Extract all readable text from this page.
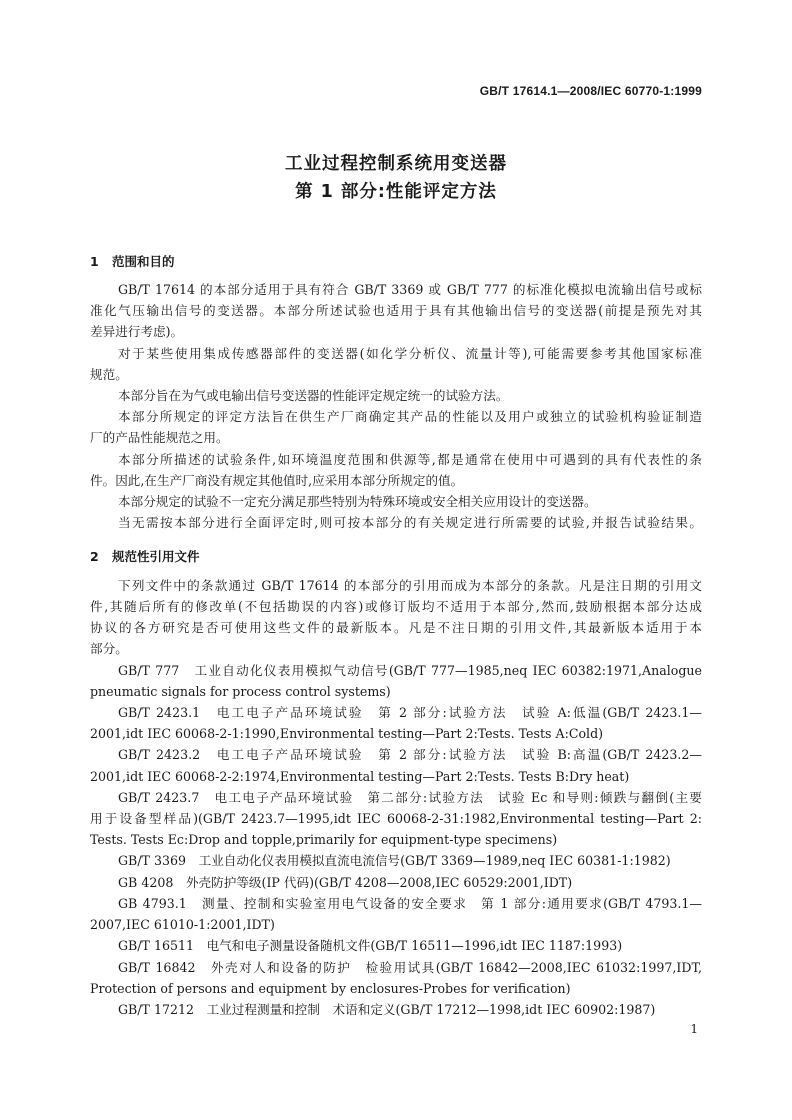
GB/T 17614.1—2008/IEC 60770-1:1999
工业过程控制系统用变送器
第 1 部分:性能评定方法
1 范围和目的
GB/T 17614 的本部分适用于具有符合 GB/T 3369 或 GB/T 777 的标准化模拟电流输出信号或标
准化气压输出信号的变送器。本部分所述试验也适用于具有其他输出信号的变送器(前提是预先对其
差异进行考虑)。
对于某些使用集成传感器部件的变送器(如化学分析仪、流量计等),可能需要参考其他国家标准
规范。
本部分旨在为气或电输出信号变送器的性能评定规定统一的试验方法。
本部分所规定的评定方法旨在供生产厂商确定其产品的性能以及用户或独立的试验机构验证制造
厂的产品性能规范之用。
本部分所描述的试验条件,如环境温度范围和供源等,都是通常在使用中可遇到的具有代表性的条
件。因此,在生产厂商没有规定其他值时,应采用本部分所规定的值。
本部分规定的试验不一定充分满足那些特别为特殊环境或安全相关应用设计的变送器。
当无需按本部分进行全面评定时,则可按本部分的有关规定进行所需要的试验,并报告试验结果。
2 规范性引用文件
下列文件中的条款通过 GB/T 17614 的本部分的引用而成为本部分的条款。凡是注日期的引用文
件,其随后所有的修改单(不包括勘误的内容)或修订版均不适用于本部分,然而,鼓励根据本部分达成
协议的各方研究是否可使用这些文件的最新版本。凡是不注日期的引用文件,其最新版本适用于本
部分。
GB/T 777　工业自动化仪表用模拟气动信号(GB/T 777—1985,neq IEC 60382:1971,Analogue
pneumatic signals for process control systems)
GB/T 2423.1　电工电子产品环境试验　第 2 部分:试验方法　试验 A:低温(GB/T 2423.1—
2001,idt IEC 60068-2-1:1990,Environmental testing—Part 2:Tests. Tests A:Cold)
GB/T 2423.2　电工电子产品环境试验　第 2 部分:试验方法　试验 B:高温(GB/T 2423.2—
2001,idt IEC 60068-2-2:1974,Environmental testing—Part 2:Tests. Tests B:Dry heat)
GB/T 2423.7　电工电子产品环境试验　第二部分:试验方法　试验 Ec 和导则:倾跌与翻倒(主要
用于设备型样品)(GB/T 2423.7—1995,idt IEC 60068-2-31:1982,Environmental testing—Part 2:
Tests. Tests Ec:Drop and topple,primarily for equipment-type specimens)
GB/T 3369　工业自动化仪表用模拟直流电流信号(GB/T 3369—1989,neq IEC 60381-1:1982)
GB 4208　外壳防护等级(IP 代码)(GB/T 4208—2008,IEC 60529:2001,IDT)
GB 4793.1　测量、控制和实验室用电气设备的安全要求　第 1 部分:通用要求(GB/T 4793.1—
2007,IEC 61010-1:2001,IDT)
GB/T 16511　电气和电子测量设备随机文件(GB/T 16511—1996,idt IEC 1187:1993)
GB/T 16842　外壳对人和设备的防护　检验用试具(GB/T 16842—2008,IEC 61032:1997,IDT,
Protection of persons and equipment by enclosures-Probes for verification)
GB/T 17212　工业过程测量和控制　术语和定义(GB/T 17212—1998,idt IEC 60902:1987)
1
